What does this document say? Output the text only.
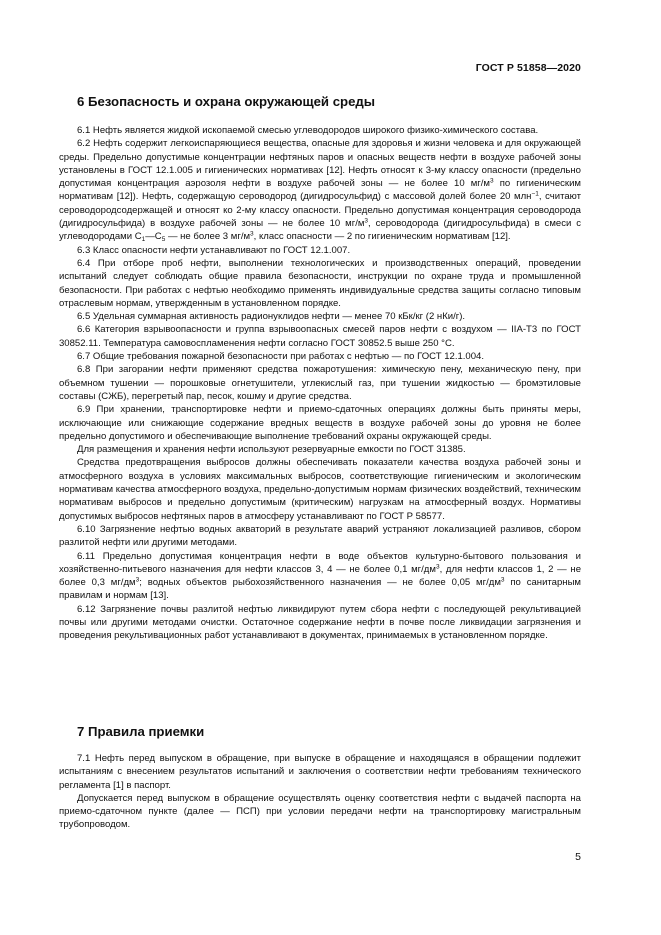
ГОСТ Р 51858—2020
6 Безопасность и охрана окружающей среды

6.1 Нефть является жидкой ископаемой смесью углеводородов широкого физико-химического состава.

6.2 Нефть содержит легкоиспаряющиеся вещества, опасные для здоровья и жизни человека и для окружающей среды. Предельно допустимые концентрации нефтяных паров и опасных веществ нефти в воздухе рабочей зоны установлены в ГОСТ 12.1.005 и гигиенических нормативах [12]. Нефть относят к 3-му классу опасности (предельно допустимая концентрация аэрозоля нефти в воздухе рабочей зоны — не более 10 $мг/м^3$ по гигиеническим нормативам [12]). Нефть, содержащую сероводород (дигидросульфид) с массовой долей более 20 млн$^{-1}$, считают сероводородсодержащей и относят ко 2-му классу опасности. Предельно допустимая концентрация сероводорода (дигидросульфида) в воздухе рабочей зоны — не более 10 $мг/м^3$, сероводорода (дигидросульфида) в смеси с углеводородами $C_1—C_5$ — не более 3 $мг/м^3$, класс опасности — 2 по гигиеническим нормативам [12].

6.3 Класс опасности нефти устанавливают по ГОСТ 12.1.007.

6.4 При отборе проб нефти, выполнении технологических и производственных операций, проведении испытаний следует соблюдать общие правила безопасности, инструкции по охране труда и промышленной безопасности. При работах с нефтью необходимо применять индивидуальные средства защиты согласно типовым отраслевым нормам, утвержденным в установленном порядке.

6.5 Удельная суммарная активность радионуклидов нефти — менее 70 кБк/кг (2 нКи/г).

6.6 Категория взрывоопасности и группа взрывоопасных смесей паров нефти с воздухом — IIA-T3 по ГОСТ 30852.11. Температура самовоспламенения нефти согласно ГОСТ 30852.5 выше 250 °С.

6.7 Общие требования пожарной безопасности при работах с нефтью — по ГОСТ 12.1.004.

6.8 При загорании нефти применяют средства пожаротушения: химическую пену, механическую пену, при объемном тушении — порошковые огнетушители, углекислый газ, при тушении жидкостью — бромэтиловые составы (СЖБ), перегретый пар, песок, кошму и другие средства.

6.9 При хранении, транспортировке нефти и приемо-сдаточных операциях должны быть приняты меры, исключающие или снижающие содержание вредных веществ в воздухе рабочей зоны до уровня не более предельно допустимого и обеспечивающие выполнение требований охраны окружающей среды.

Для размещения и хранения нефти используют резервуарные емкости по ГОСТ 31385.

Средства предотвращения выбросов должны обеспечивать показатели качества воздуха рабочей зоны и атмосферного воздуха в условиях максимальных выбросов, соответствующие гигиеническим и экологическим нормативам качества атмосферного воздуха, предельно-допустимым нормам физических воздействий, техническим нормативам выбросов и предельно допустимым (критическим) нагрузкам на атмосферный воздух. Нормативы допустимых выбросов нефтяных паров в атмосферу устанавливают по ГОСТ Р 58577.

6.10 Загрязнение нефтью водных акваторий в результате аварий устраняют локализацией разливов, сбором разлитой нефти или другими методами.

6.11 Предельно допустимая концентрация нефти в воде объектов культурно-бытового пользования и хозяйственно-питьевого назначения для нефти классов 3, 4 — не более 0,1 $мг/дм^3$, для нефти классов 1, 2 — не более 0,3 $мг/дм^3$; водных объектов рыбохозяйственного назначения — не более 0,05 $мг/дм^3$ по санитарным правилам и нормам [13].

6.12 Загрязнение почвы разлитой нефтью ликвидируют путем сбора нефти с последующей рекультивацией почвы или другими методами очистки. Остаточное содержание нефти в почве после ликвидации загрязнения и проведения рекультивационных работ устанавливают в документах, принимаемых в установленном порядке.

7 Правила приемки

7.1 Нефть перед выпуском в обращение, при выпуске в обращение и находящаяся в обращении подлежит испытаниям с внесением результатов испытаний и заключения о соответствии нефти требованиям технического регламента [1] в паспорт.

Допускается перед выпуском в обращение осуществлять оценку соответствия нефти с выдачей паспорта на приемо-сдаточном пункте (далее — ПСП) при условии передачи нефти на транспортировку магистральным трубопроводом.

5
